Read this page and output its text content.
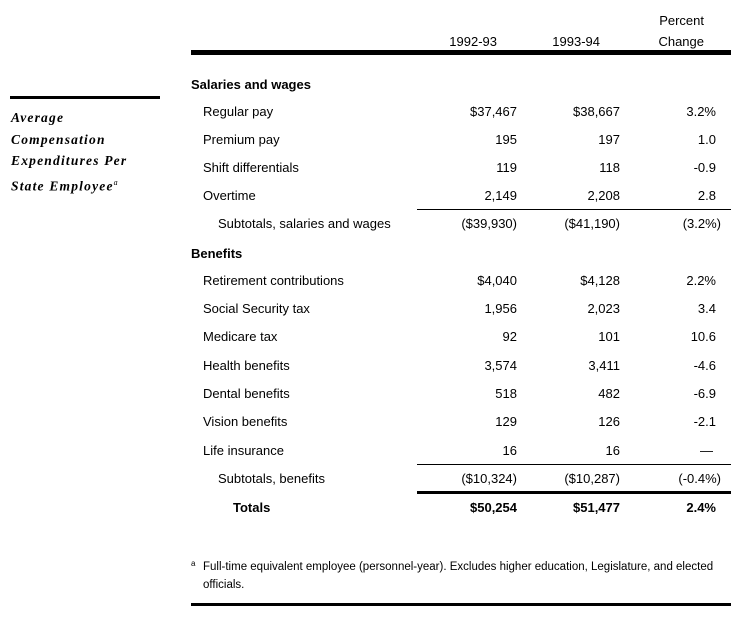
Average
Compensation
Expenditures Per
State Employee$^a$
1992-93	1993-94
Percent
Change
Salaries and wages
Regular pay	$37,467	$38,667	3.2%
Premium pay	195	197	1.0
Shift differentials	119	118	-0.9
Overtime	2,149	2,208	2.8
Subtotals, salaries and wages	($39,930)	($41,190)	(3.2%)
Benefits
Retirement contributions	$4,040	$4,128	2.2%
Social Security tax	1,956	2,023	3.4
Medicare tax	92	101	10.6
Health benefits	3,574	3,411	-4.6
Dental benefits	518	482	-6.9
Vision benefits	129	126	-2.1
Life insurance	16	16	—
Subtotals, benefits	($10,324)	($10,287)	(-0.4%)
Totals	$50,254	$51,477	2.4%
a Full-time equivalent employee (personnel-year). Excludes higher education, Legislature, and elected officials.
